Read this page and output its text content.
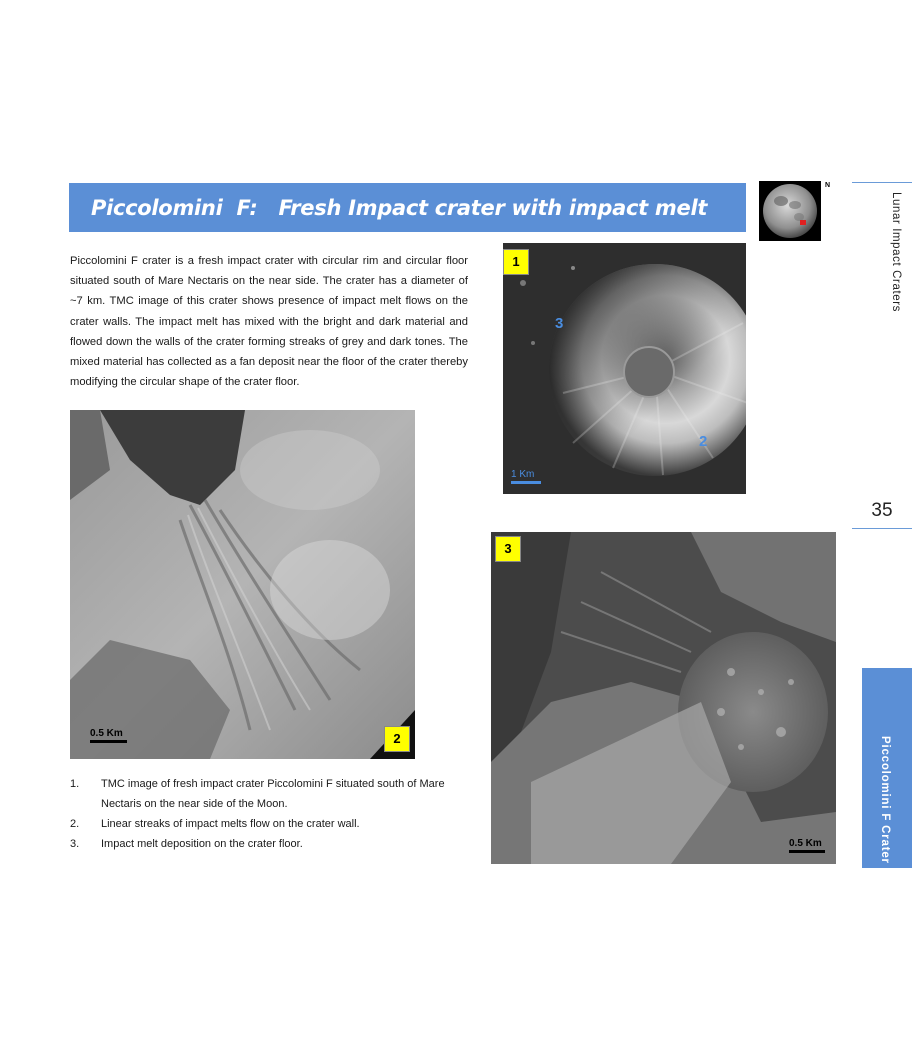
Piccolomini  F:   Fresh Impact crater with impact melt
N
Lunar Impact Craters
35
Piccolomini F Crater
Piccolomini F crater is a fresh impact crater with circular rim and circular floor situated south of Mare Nectaris on the near side. The crater has a diameter of ~7 km. TMC image of this crater shows presence of impact melt flows on the crater walls. The impact melt has mixed with the bright and dark material and flowed down the walls of the crater forming streaks of grey and dark tones. The mixed material has collected as a fan deposit near the floor of the crater thereby modifying the circular shape of the crater floor.
1
3
2
1 Km
2
0.5 Km
3
0.5 Km
1. TMC image of fresh impact crater Piccolomini F situated south of Mare Nectaris on the near side of the Moon.
2. Linear streaks of impact melts flow on the crater wall.
3. Impact melt deposition on the crater floor.
